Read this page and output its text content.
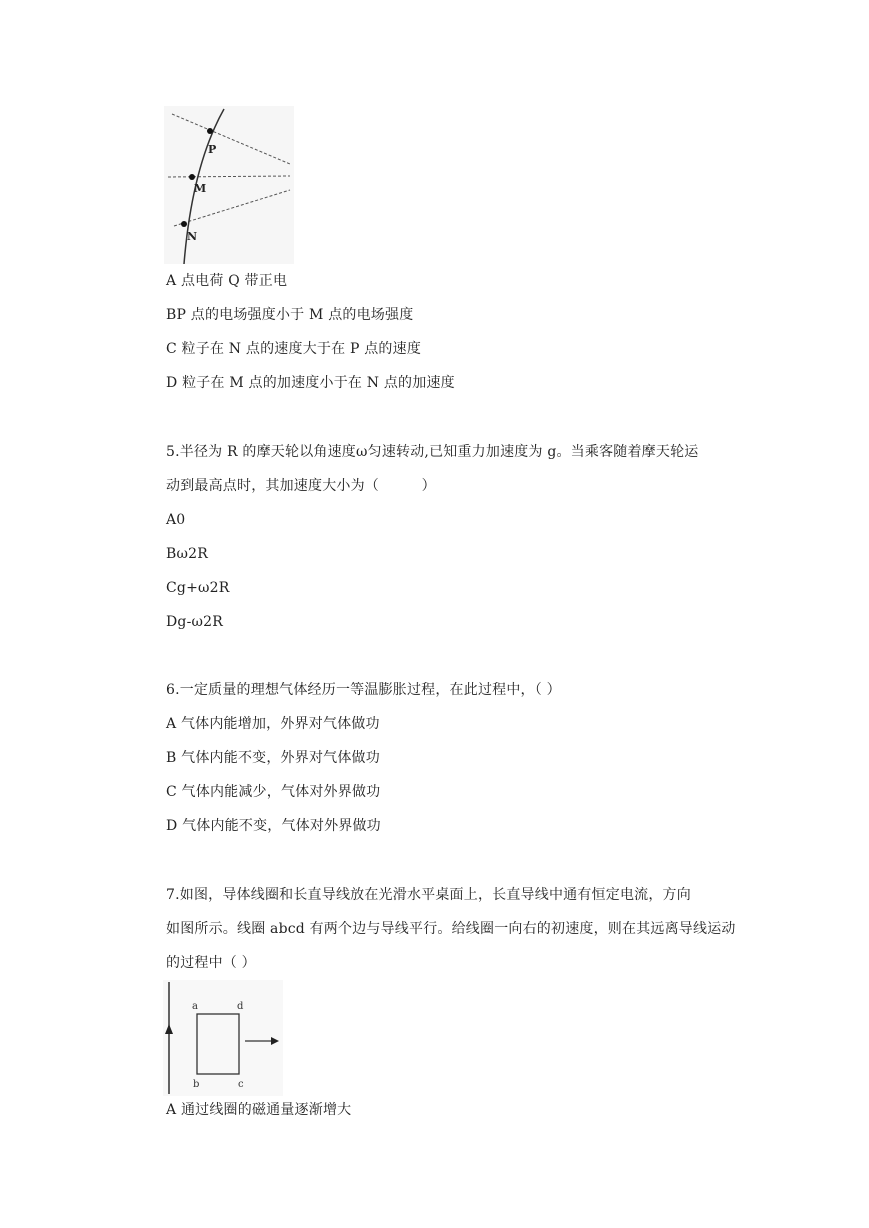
P
M
N
A 点电荷 Q 带正电
BP 点的电场强度小于 M 点的电场强度
C 粒子在 N 点的速度大于在 P 点的速度
D 粒子在 M 点的加速度小于在 N 点的加速度
5.半径为 R 的摩天轮以角速度ω匀速转动,已知重力加速度为 g。当乘客随着摩天轮运
动到最高点时，其加速度大小为（　　　）
A0
Bω2R
Cg+ω2R
Dg-ω2R
6.一定质量的理想气体经历一等温膨胀过程，在此过程中，（ ）
A 气体内能增加，外界对气体做功
B 气体内能不变，外界对气体做功
C 气体内能减少，气体对外界做功
D 气体内能不变，气体对外界做功
7.如图，导体线圈和长直导线放在光滑水平桌面上，长直导线中通有恒定电流，方向
如图所示。线圈 abcd 有两个边与导线平行。给线圈一向右的初速度，则在其远离导线运动
的过程中（ ）
a	d
b	c
A 通过线圈的磁通量逐渐增大
